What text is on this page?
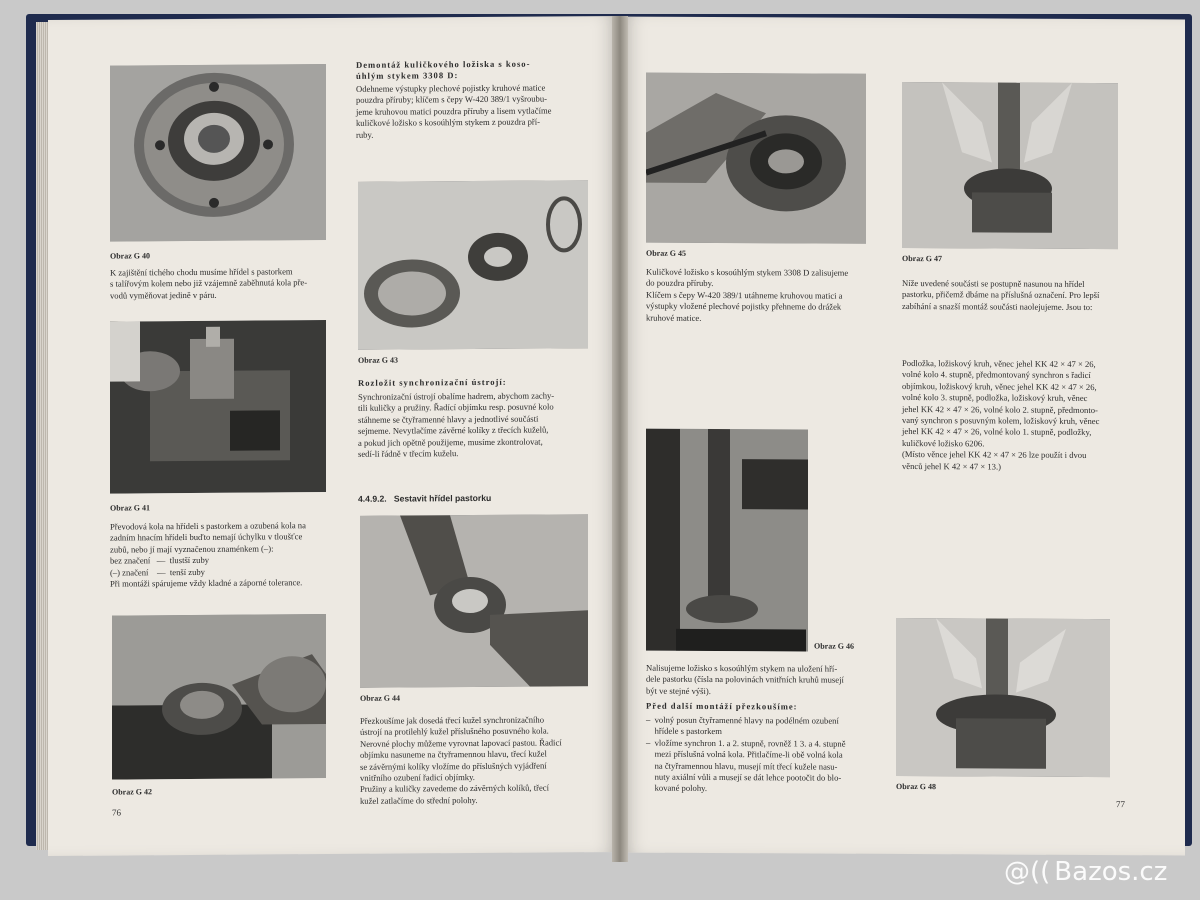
Obraz G 40
K zajištění tichého chodu musíme hřídel s pastorkem
s talířovým kolem nebo již vzájemně zaběhnutá kola pře-
vodů vyměňovat jedině v páru.
Obraz G 41
Převodová kola na hřídeli s pastorkem a ozubená kola na
zadním hnacím hřídeli buďto nemají úchylku v tloušťce
zubů, nebo jí mají vyznačenou znaménkem (–):
bez značení   —  tlustší zuby
(–) značení    —  tenší zuby
Při montáži spárujeme vždy kladné a záporné tolerance.
Obraz G 42
76
Demontáž kuličkového ložiska s koso-
úhlým stykem 3308 D:
Odehneme výstupky plechové pojistky kruhové matice
pouzdra příruby; klíčem s čepy W-420 389/1 vyšroubu-
jeme kruhovou matici pouzdra příruby a lisem vytlačíme
kuličkové ložisko s kosoúhlým stykem z pouzdra pří-
ruby.
Obraz G 43
Rozložit synchronizační ústrojí:
Synchronizační ústrojí obalíme hadrem, abychom zachy-
tili kuličky a pružiny. Řadící objímku resp. posuvné kolo
stáhneme se čtyřramenné hlavy a jednotlivé součásti
sejmeme. Nevytlačíme závěrné kolíky z třecích kuželů,
a pokud jich opětně použijeme, musíme zkontrolovat,
sedí-li řádně v třecím kuželu.
4.4.9.2.   Sestavit hřídel pastorku
Obraz G 44
Přezkoušíme jak dosedá třecí kužel synchronizačního
ústrojí na protilehlý kužel příslušného posuvného kola.
Nerovné plochy můžeme vyrovnat lapovací pastou. Řadicí
objímku nasuneme na čtyřramennou hlavu, třecí kužel
se závěrnými kolíky vložíme do příslušných vyjádření
vnitřního ozubení řadicí objímky.
Pružiny a kuličky zavedeme do závěrných kolíků, třecí
kužel zatlačíme do střední polohy.
Obraz G 45
Kuličkové ložisko s kosoúhlým stykem 3308 D zalisujeme
do pouzdra příruby.
Klíčem s čepy W-420 389/1 utáhneme kruhovou matici a
výstupky vložené plechové pojistky přehneme do drážek
kruhové matice.
Obraz G 46
Nalisujeme ložisko s kosoúhlým stykem na uložení hří-
dele pastorku (čísla na polovinách vnitřních kruhů musejí
být ve stejné výši).
Před další montáží přezkoušíme:
–  volný posun čtyřramenné hlavy na podélném ozubení
hřídele s pastorkem
–  vložíme synchron 1. a 2. stupně, rovněž 1 3. a 4. stupně
mezi příslušná volná kola. Přitlačíme-li obě volná kola
na čtyřramennou hlavu, musejí mít třecí kužele nasu-
nuty axiální vůli a musejí se dát lehce pootočit do blo-
kované polohy.
Obraz G 47
Níže uvedené součásti se postupně nasunou na hřídel
pastorku, přičemž dbáme na příslušná označení. Pro lepší
zabíhání a snazší montáž součásti naolejujeme. Jsou to:
Podložka, ložiskový kruh, věnec jehel KK 42 × 47 × 26,
volné kolo 4. stupně, předmontovaný synchron s řadicí
objímkou, ložiskový kruh, věnec jehel KK 42 × 47 × 26,
volné kolo 3. stupně, podložka, ložiskový kruh, věnec
jehel KK 42 × 47 × 26, volné kolo 2. stupně, předmonto-
vaný synchron s posuvným kolem, ložiskový kruh, věnec
jehel KK 42 × 47 × 26, volné kolo 1. stupně, podložky,
kuličkové ložisko 6206.
(Místo věnce jehel KK 42 × 47 × 26 lze použít i dvou
věnců jehel K 42 × 47 × 13.)
Obraz G 48
77
@(( Bazos.cz
